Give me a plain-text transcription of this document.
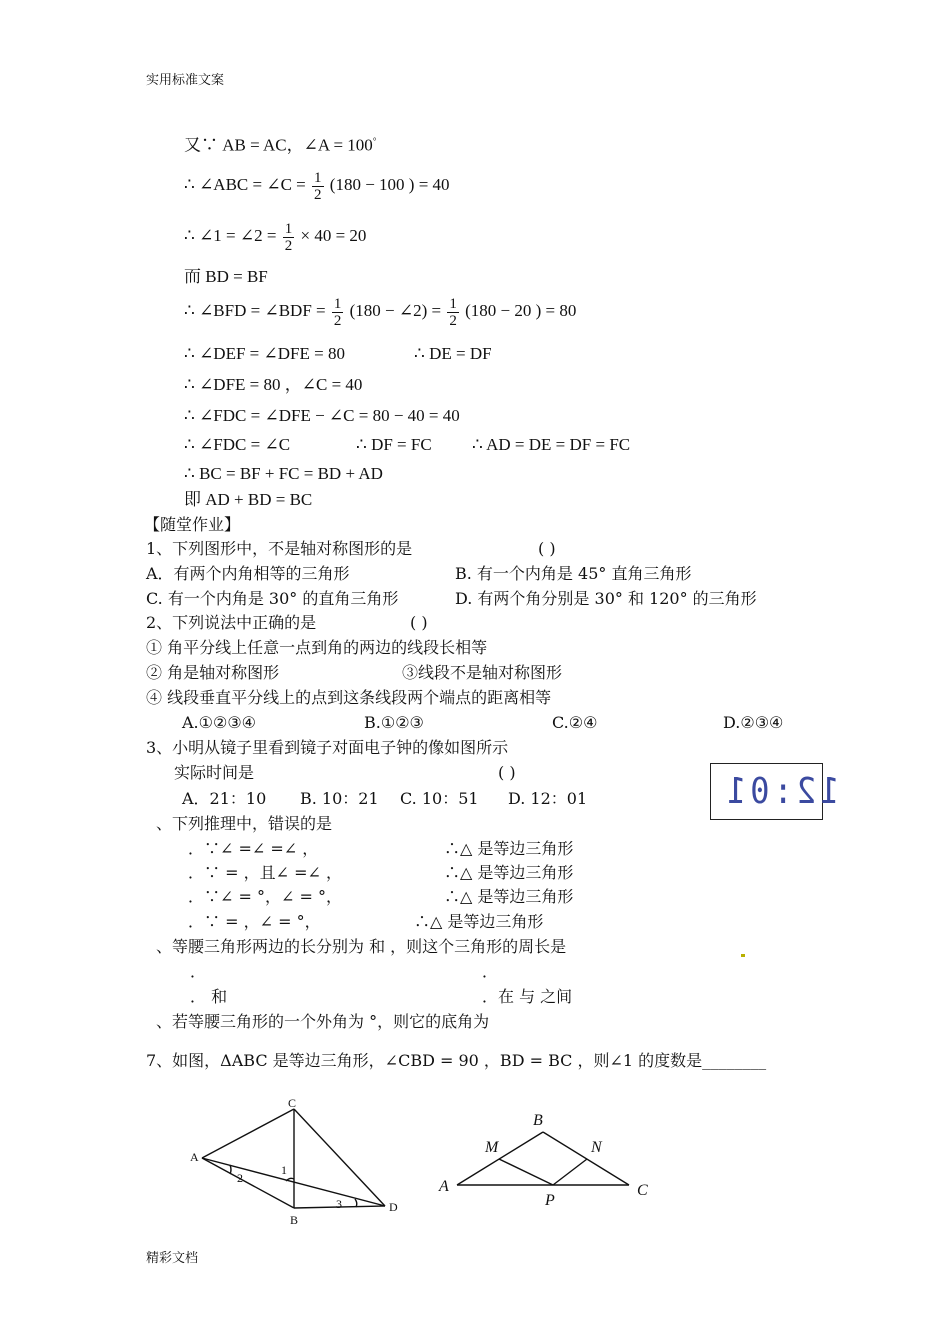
实用标准文案
又∵ AB = AC，∠A = 100°
∴ ∠ABC = ∠C = $\frac{1}{2} (180 - 100$ ) = 40
∴ ∠1 = ∠2 = $\frac{1}{2} \times 40 = 20$
而 BD = BF
∴ ∠BFD = ∠BDF = $\frac{1}{2} (180$ − ∠2) = $\frac{1}{2} (180 - 20$ ) = 80
∴ ∠DEF = ∠DFE = 80	∴ DE = DF
∴ ∠DFE = 80 ，∠C = 40
∴ ∠FDC = ∠DFE − ∠C = 80 − 40 = 40
∴ ∠FDC = ∠C	∴ DF = FC ∴ AD = DE = DF = FC
∴ BC = BF + FC = BD + AD
即 AD + BD = BC
【随堂作业】
1、下列图形中，不是轴对称图形的是	( )
A．有两个内角相等的三角形	B. 有一个内角是 45° 直角三角形
C. 有一个内角是 30° 的直角三角形	D. 有两个角分别是 30° 和 120° 的三角形
2、下列说法中正确的是	( )
① 角平分线上任意一点到角的两边的线段长相等
② 角是轴对称图形	③线段不是轴对称图形
④ 线段垂直平分线上的点到这条线段两个端点的距离相等
A.①②③④	B.①②③	C.②④	D.②③④
3、小明从镜子里看到镜子对面电子钟的像如图所示
实际时间是	( )
A．21：10 B. 10：21 C. 10：51 D. 12：01	12:01
、下列推理中，错误的是
．∵∠ =∠ =∠ ，	∴△ 是等边三角形
．∵ = ，且∠ =∠ ，	∴△ 是等边三角形
．∵∠ = °，∠ = °，	∴△ 是等边三角形
．∵ = ，∠ = °，	∴△ 是等边三角形
、等腰三角形两边的长分别为 和 ，则这个三角形的周长是
．	．
． 和	．在 与 之间
、若等腰三角形的一个外角为 °，则它的底角为
7、如图，ΔABC 是等边三角形，∠CBD = 90 ，BD = BC ，则∠1 的度数是________
C
A
B
D
1
2
3
B
M	N
A
P
C
精彩文档
